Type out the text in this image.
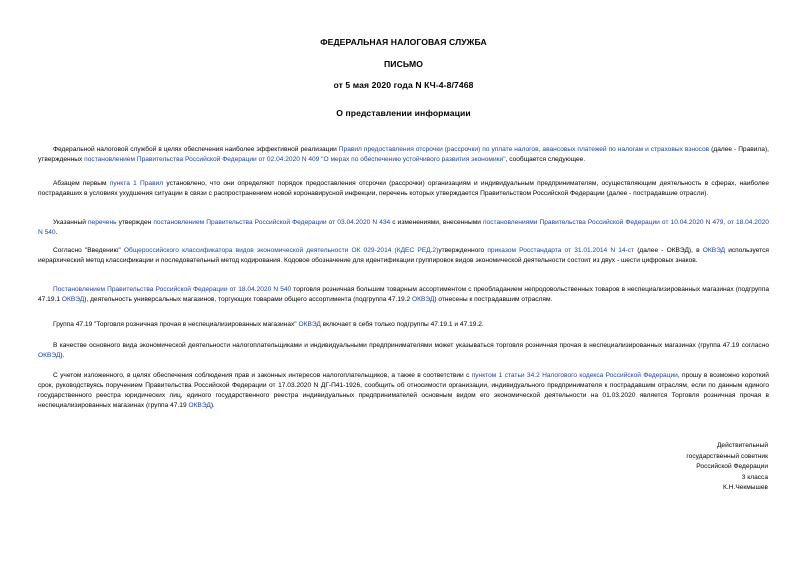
ФЕДЕРАЛЬНАЯ НАЛОГОВАЯ СЛУЖБА
ПИСЬМО
от 5 мая 2020 года N КЧ-4-8/7468
О представлении информации

Федеральной налоговой службой в целях обеспечения наиболее эффективной реализации Правил предоставления отсрочки (рассрочки) по уплате налогов, авансовых платежей по налогам и страховых взносов (далее - Правила), утвержденных постановлением Правительства Российской Федерации от 02.04.2020 N 409 "О мерах по обеспечению устойчивого развития экономики", сообщается следующее.

Абзацем первым пункта 1 Правил установлено, что они определяют порядок предоставления отсрочки (рассрочки) организациям и индивидуальным предпринимателям, осуществляющим деятельность в сферах, наиболее пострадавших в условиях ухудшения ситуации в связи с распространением новой коронавирусной инфекции, перечень которых утверждается Правительством Российской Федерации (далее - пострадавшие отрасли).

Указанный перечень утвержден постановлением Правительства Российской Федерации от 03.04.2020 N 434 с изменениями, внесенными постановлениями Правительства Российской Федерации от 10.04.2020 N 479, от 18.04.2020 N 540.

Согласно "Введению" Общероссийского классификатора видов экономической деятельности ОК 029-2014 (КДЕС РЕД.2)утвержденного приказом Росстандарта от 31.01.2014 N 14-ст (далее - ОКВЭД), в ОКВЭД используется иерархический метод классификации и последовательный метод кодирования. Кодовое обозначение для идентификации группировок видов экономической деятельности состоит из двух - шести цифровых знаков.

Постановлением Правительства Российской Федерации от 18.04.2020 N 540 торговля розничная большим товарным ассортиментом с преобладанием непродовольственных товаров в неспециализированных магазинах (подгруппа 47.19.1 ОКВЭД), деятельность универсальных магазинов, торгующих товарами общего ассортимента (подгруппа 47.19.2 ОКВЭД) отнесены к пострадавшим отраслям.

Группа 47.19 "Торговля розничная прочая в неспециализированных магазинах" ОКВЭД включает в себя только подгруппы 47.19.1 и 47.19.2.

В качестве основного вида экономической деятельности налогоплательщиками и индивидуальными предпринимателями может указываться торговля розничная прочая в неспециализированных магазинах (группа 47.19 согласно ОКВЭД).

С учетом изложенного, в целях обеспечения соблюдения прав и законных интересов налогоплательщиков, а также в соответствии с пунктом 1 статьи 34.2 Налогового кодекса Российской Федерации, прошу в возможно короткий срок, руководствуясь поручением Правительства Российской Федерации от 17.03.2020 N ДГ-П41-1926, сообщить об относимости организации, индивидуального предпринимателя к пострадавшим отраслям, если по данным единого государственного реестра юридических лиц, единого государственного реестра индивидуальных предпринимателей основным видом его экономической деятельности на 01.03.2020 является Торговля розничная прочая в неспециализированных магазинах (группа 47.19 ОКВЭД).

Действительный
государственный советник
Российской Федерации
3 класса
К.Н.Чекмышев
